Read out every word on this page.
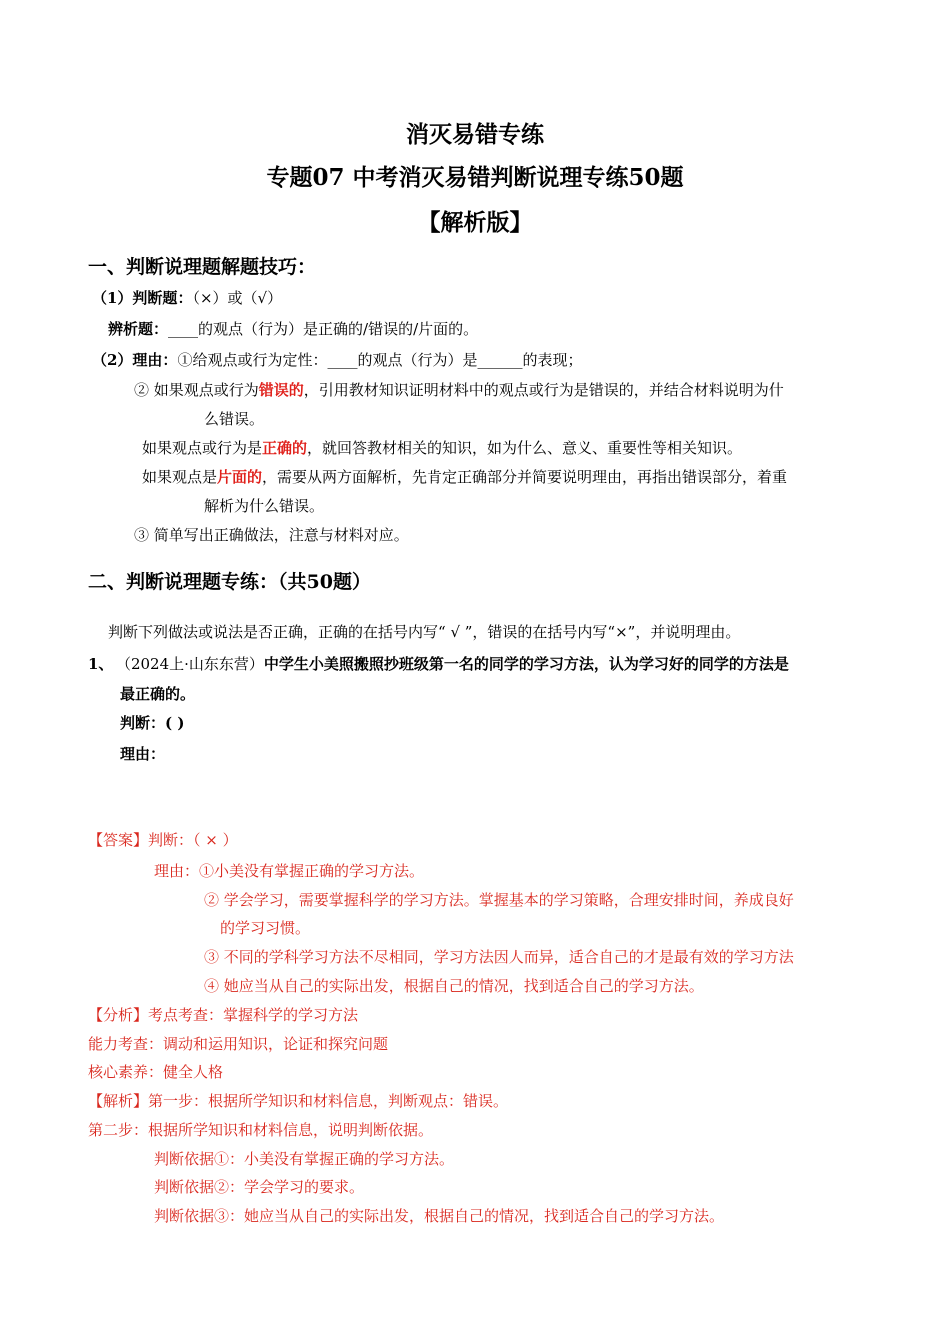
消灭易错专练
专题07 中考消灭易错判断说理专练50题
【解析版】
一、判断说理题解题技巧：
（1）判断题：（×）或（√）
辨析题：____的观点（行为）是正确的/错误的/片面的。
（2）理由：①给观点或行为定性：____的观点（行为）是______的表现；
② 如果观点或行为错误的，引用教材知识证明材料中的观点或行为是错误的，并结合材料说明为什
么错误。
如果观点或行为是正确的，就回答教材相关的知识，如为什么、意义、重要性等相关知识。
如果观点是片面的，需要从两方面解析，先肯定正确部分并简要说明理由，再指出错误部分，着重
解析为什么错误。
③ 简单写出正确做法，注意与材料对应。
二、判断说理题专练：（共50题）
判断下列做法或说法是否正确，正确的在括号内写“ √ ”，错误的在括号内写“×”，并说明理由。
1、 （2024上·山东东营）中学生小美照搬照抄班级第一名的同学的学习方法，认为学习好的同学的方法是
最正确的。
判断：( )
理由：
【答案】判断：（ × ）
理由：①小美没有掌握正确的学习方法。
② 学会学习，需要掌握科学的学习方法。掌握基本的学习策略，合理安排时间，养成良好
的学习习惯。
③ 不同的学科学习方法不尽相同，学习方法因人而异，适合自己的才是最有效的学习方法
④ 她应当从自己的实际出发，根据自己的情况，找到适合自己的学习方法。
【分析】考点考查：掌握科学的学习方法
能力考查：调动和运用知识，论证和探究问题
核心素养：健全人格
【解析】第一步：根据所学知识和材料信息，判断观点：错误。
第二步：根据所学知识和材料信息，说明判断依据。
判断依据①：小美没有掌握正确的学习方法。
判断依据②：学会学习的要求。
判断依据③：她应当从自己的实际出发，根据自己的情况，找到适合自己的学习方法。
